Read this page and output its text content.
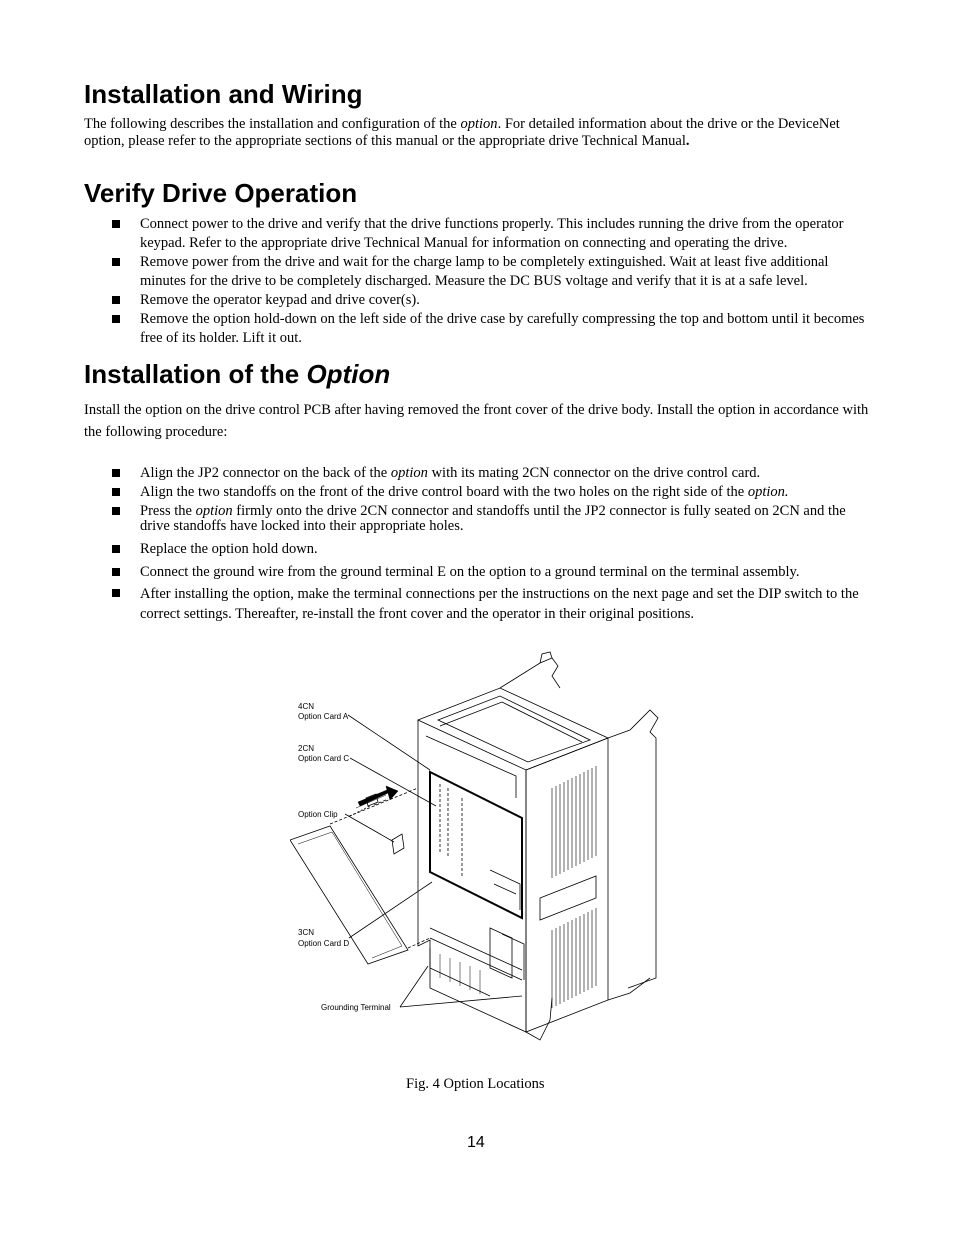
Installation and Wiring

The following describes the installation and configuration of the option. For detailed information about the drive or the DeviceNet option, please refer to the appropriate sections of this manual or the appropriate drive Technical Manual.

Verify Drive Operation
Connect power to the drive and verify that the drive functions properly. This includes running the drive from the operator keypad. Refer to the appropriate drive Technical Manual for information on connecting and operating the drive.
Remove power from the drive and wait for the charge lamp to be completely extinguished. Wait at least five additional minutes for the drive to be completely discharged. Measure the DC BUS voltage and verify that it is at a safe level.
Remove the operator keypad and drive cover(s).
Remove the option hold-down on the left side of the drive case by carefully compressing the top and bottom until it becomes free of its holder. Lift it out.
Installation of the Option

Install the option on the drive control PCB after having removed the front cover of the drive body. Install the option in accordance with the following procedure:

Align the JP2 connector on the back of the option with its mating 2CN connector on the drive control card.
Align the two standoffs on the front of the drive control board with the two holes on the right side of the option.
Press the option firmly onto the drive 2CN connector and standoffs until the JP2 connector is fully seated on 2CN and the drive standoffs have locked into their appropriate holes.
Replace the option hold down.
Connect the ground wire from the ground terminal E on the option to a ground terminal on the terminal assembly.
After installing the option, make the terminal connections per the instructions on the next page and set the DIP switch to the correct settings. Thereafter, re-install the front cover and the operator in their original positions.
4CN
Option Card A
2CN
Option Card C
Option Clip
3CN
Option Card D
Grounding Terminal
Fig. 4 Option Locations
14
